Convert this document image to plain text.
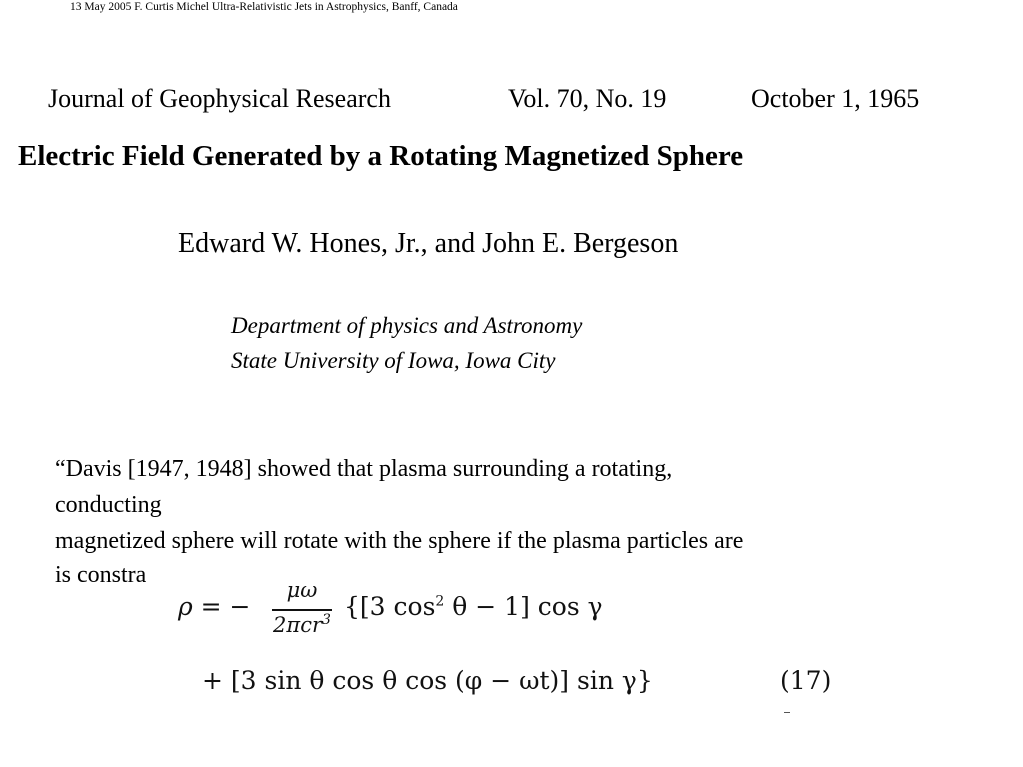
13 May 2005 F. Curtis Michel Ultra-Relativistic Jets in Astrophysics, Banff, Canada
Journal of Geophysical Research	Vol. 70, No. 19	October 1, 1965
Electric Field Generated by a Rotating Magnetized Sphere
Edward W. Hones, Jr., and John E. Bergeson
Department of physics and Astronomy
State University of Iowa, Iowa City
“Davis [1947, 1948] showed that plasma surrounding a rotating,
conducting
magnetized sphere will rotate with the sphere if the plasma particles are
is constra
ρ = −
μω
2πcr$^3$ {[3 $\cos^2 \theta - 1$] cos γ
+ [3 sin θ cos θ cos (φ − ωt)] sin γ}	(17)
